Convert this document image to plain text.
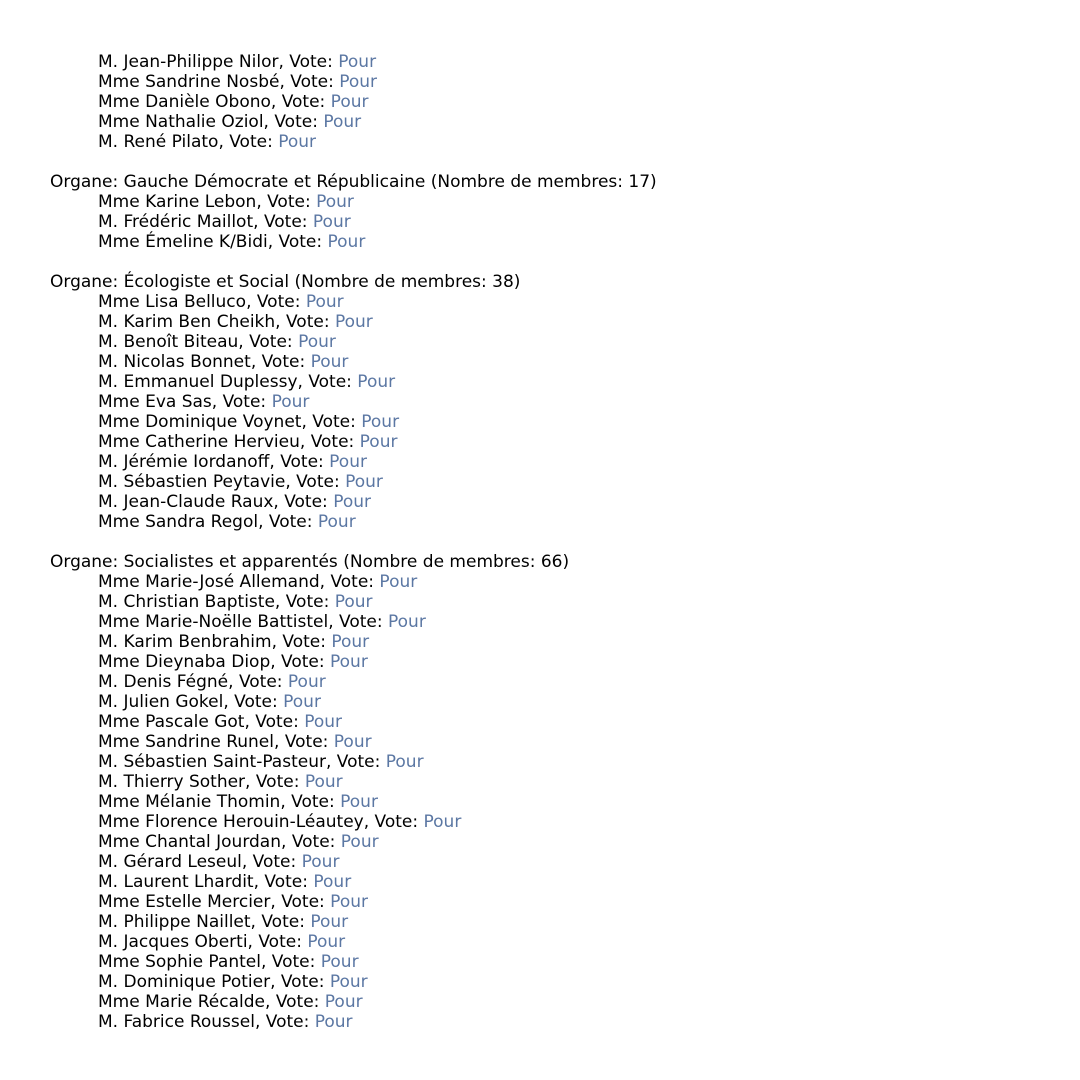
M. Jean-Philippe Nilor, Vote: Pour
Mme Sandrine Nosbé, Vote: Pour
Mme Danièle Obono, Vote: Pour
Mme Nathalie Oziol, Vote: Pour
M. René Pilato, Vote: Pour
Organe: Gauche Démocrate et Républicaine (Nombre de membres: 17)
Mme Karine Lebon, Vote: Pour
M. Frédéric Maillot, Vote: Pour
Mme Émeline K/Bidi, Vote: Pour
Organe: Écologiste et Social (Nombre de membres: 38)
Mme Lisa Belluco, Vote: Pour
M. Karim Ben Cheikh, Vote: Pour
M. Benoît Biteau, Vote: Pour
M. Nicolas Bonnet, Vote: Pour
M. Emmanuel Duplessy, Vote: Pour
Mme Eva Sas, Vote: Pour
Mme Dominique Voynet, Vote: Pour
Mme Catherine Hervieu, Vote: Pour
M. Jérémie Iordanoff, Vote: Pour
M. Sébastien Peytavie, Vote: Pour
M. Jean-Claude Raux, Vote: Pour
Mme Sandra Regol, Vote: Pour
Organe: Socialistes et apparentés (Nombre de membres: 66)
Mme Marie-José Allemand, Vote: Pour
M. Christian Baptiste, Vote: Pour
Mme Marie-Noëlle Battistel, Vote: Pour
M. Karim Benbrahim, Vote: Pour
Mme Dieynaba Diop, Vote: Pour
M. Denis Fégné, Vote: Pour
M. Julien Gokel, Vote: Pour
Mme Pascale Got, Vote: Pour
Mme Sandrine Runel, Vote: Pour
M. Sébastien Saint-Pasteur, Vote: Pour
M. Thierry Sother, Vote: Pour
Mme Mélanie Thomin, Vote: Pour
Mme Florence Herouin-Léautey, Vote: Pour
Mme Chantal Jourdan, Vote: Pour
M. Gérard Leseul, Vote: Pour
M. Laurent Lhardit, Vote: Pour
Mme Estelle Mercier, Vote: Pour
M. Philippe Naillet, Vote: Pour
M. Jacques Oberti, Vote: Pour
Mme Sophie Pantel, Vote: Pour
M. Dominique Potier, Vote: Pour
Mme Marie Récalde, Vote: Pour
M. Fabrice Roussel, Vote: Pour
